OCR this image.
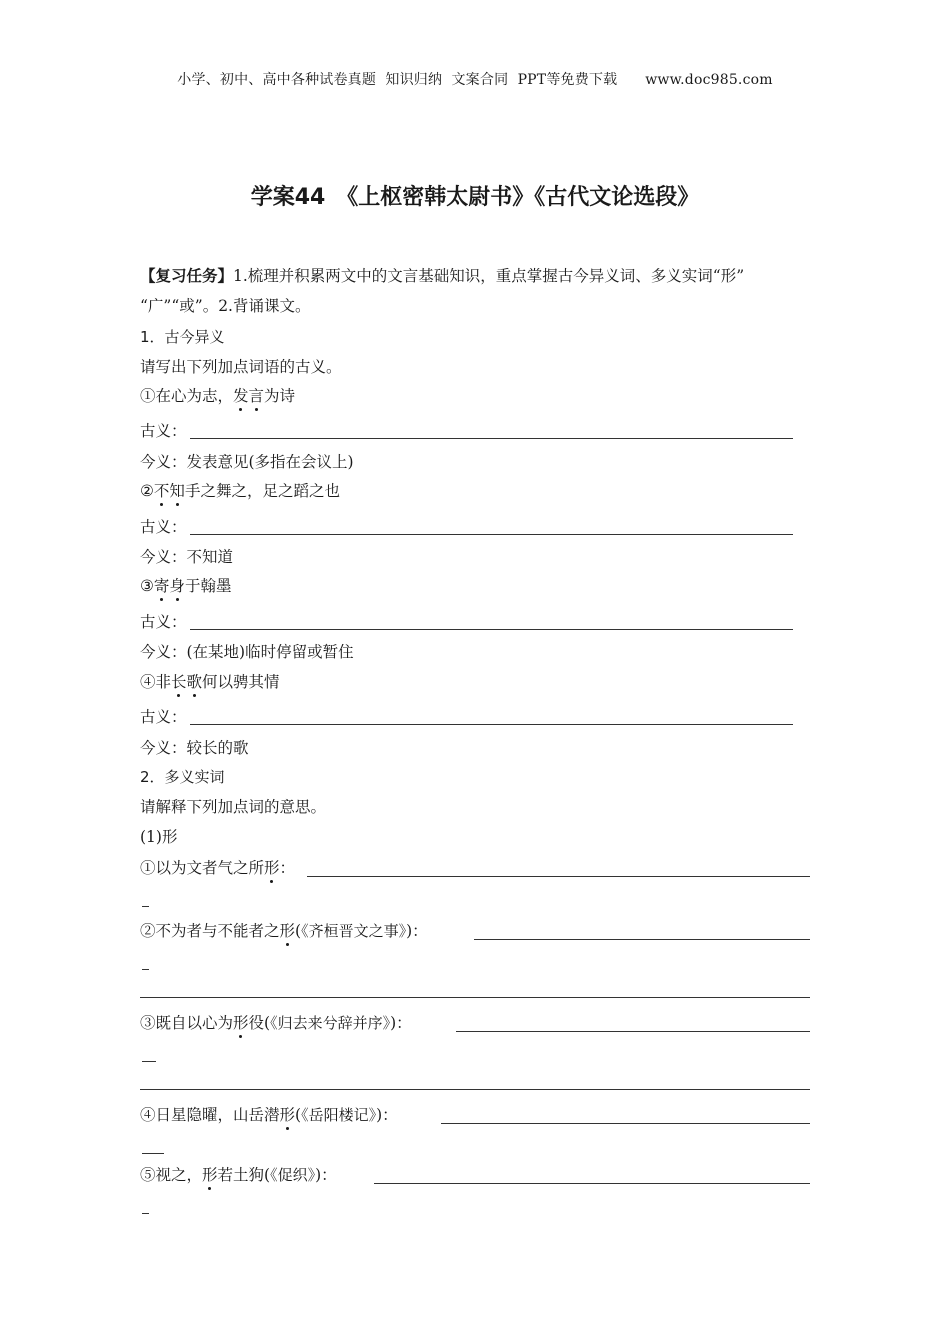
小学、初中、高中各种试卷真题  知识归纳  文案合同  PPT等免费下载      www.doc985.com
学案44　《上枢密韩太尉书》《古代文论选段》
【复习任务】1.梳理并积累两文中的文言基础知识，重点掌握古今异义词、多义实词“形”
“广”“或”。2.背诵课文。
1．古今异义
请写出下列加点词语的古义。
①在心为志，发言为诗
古义：
今义：发表意见(多指在会议上)
②不知手之舞之，足之蹈之也
古义：
今义：不知道
③寄身于翰墨
古义：
今义：(在某地)临时停留或暂住
④非长歌何以骋其情
古义：
今义：较长的歌
2．多义实词
请解释下列加点词的意思。
(1)形
①以为文者气之所形：
②不为者与不能者之形(《齐桓晋文之事》)：
③既自以心为形役(《归去来兮辞并序》)：
④日星隐曜，山岳潜形(《岳阳楼记》)：
⑤视之，形若土狗(《促织》)：
